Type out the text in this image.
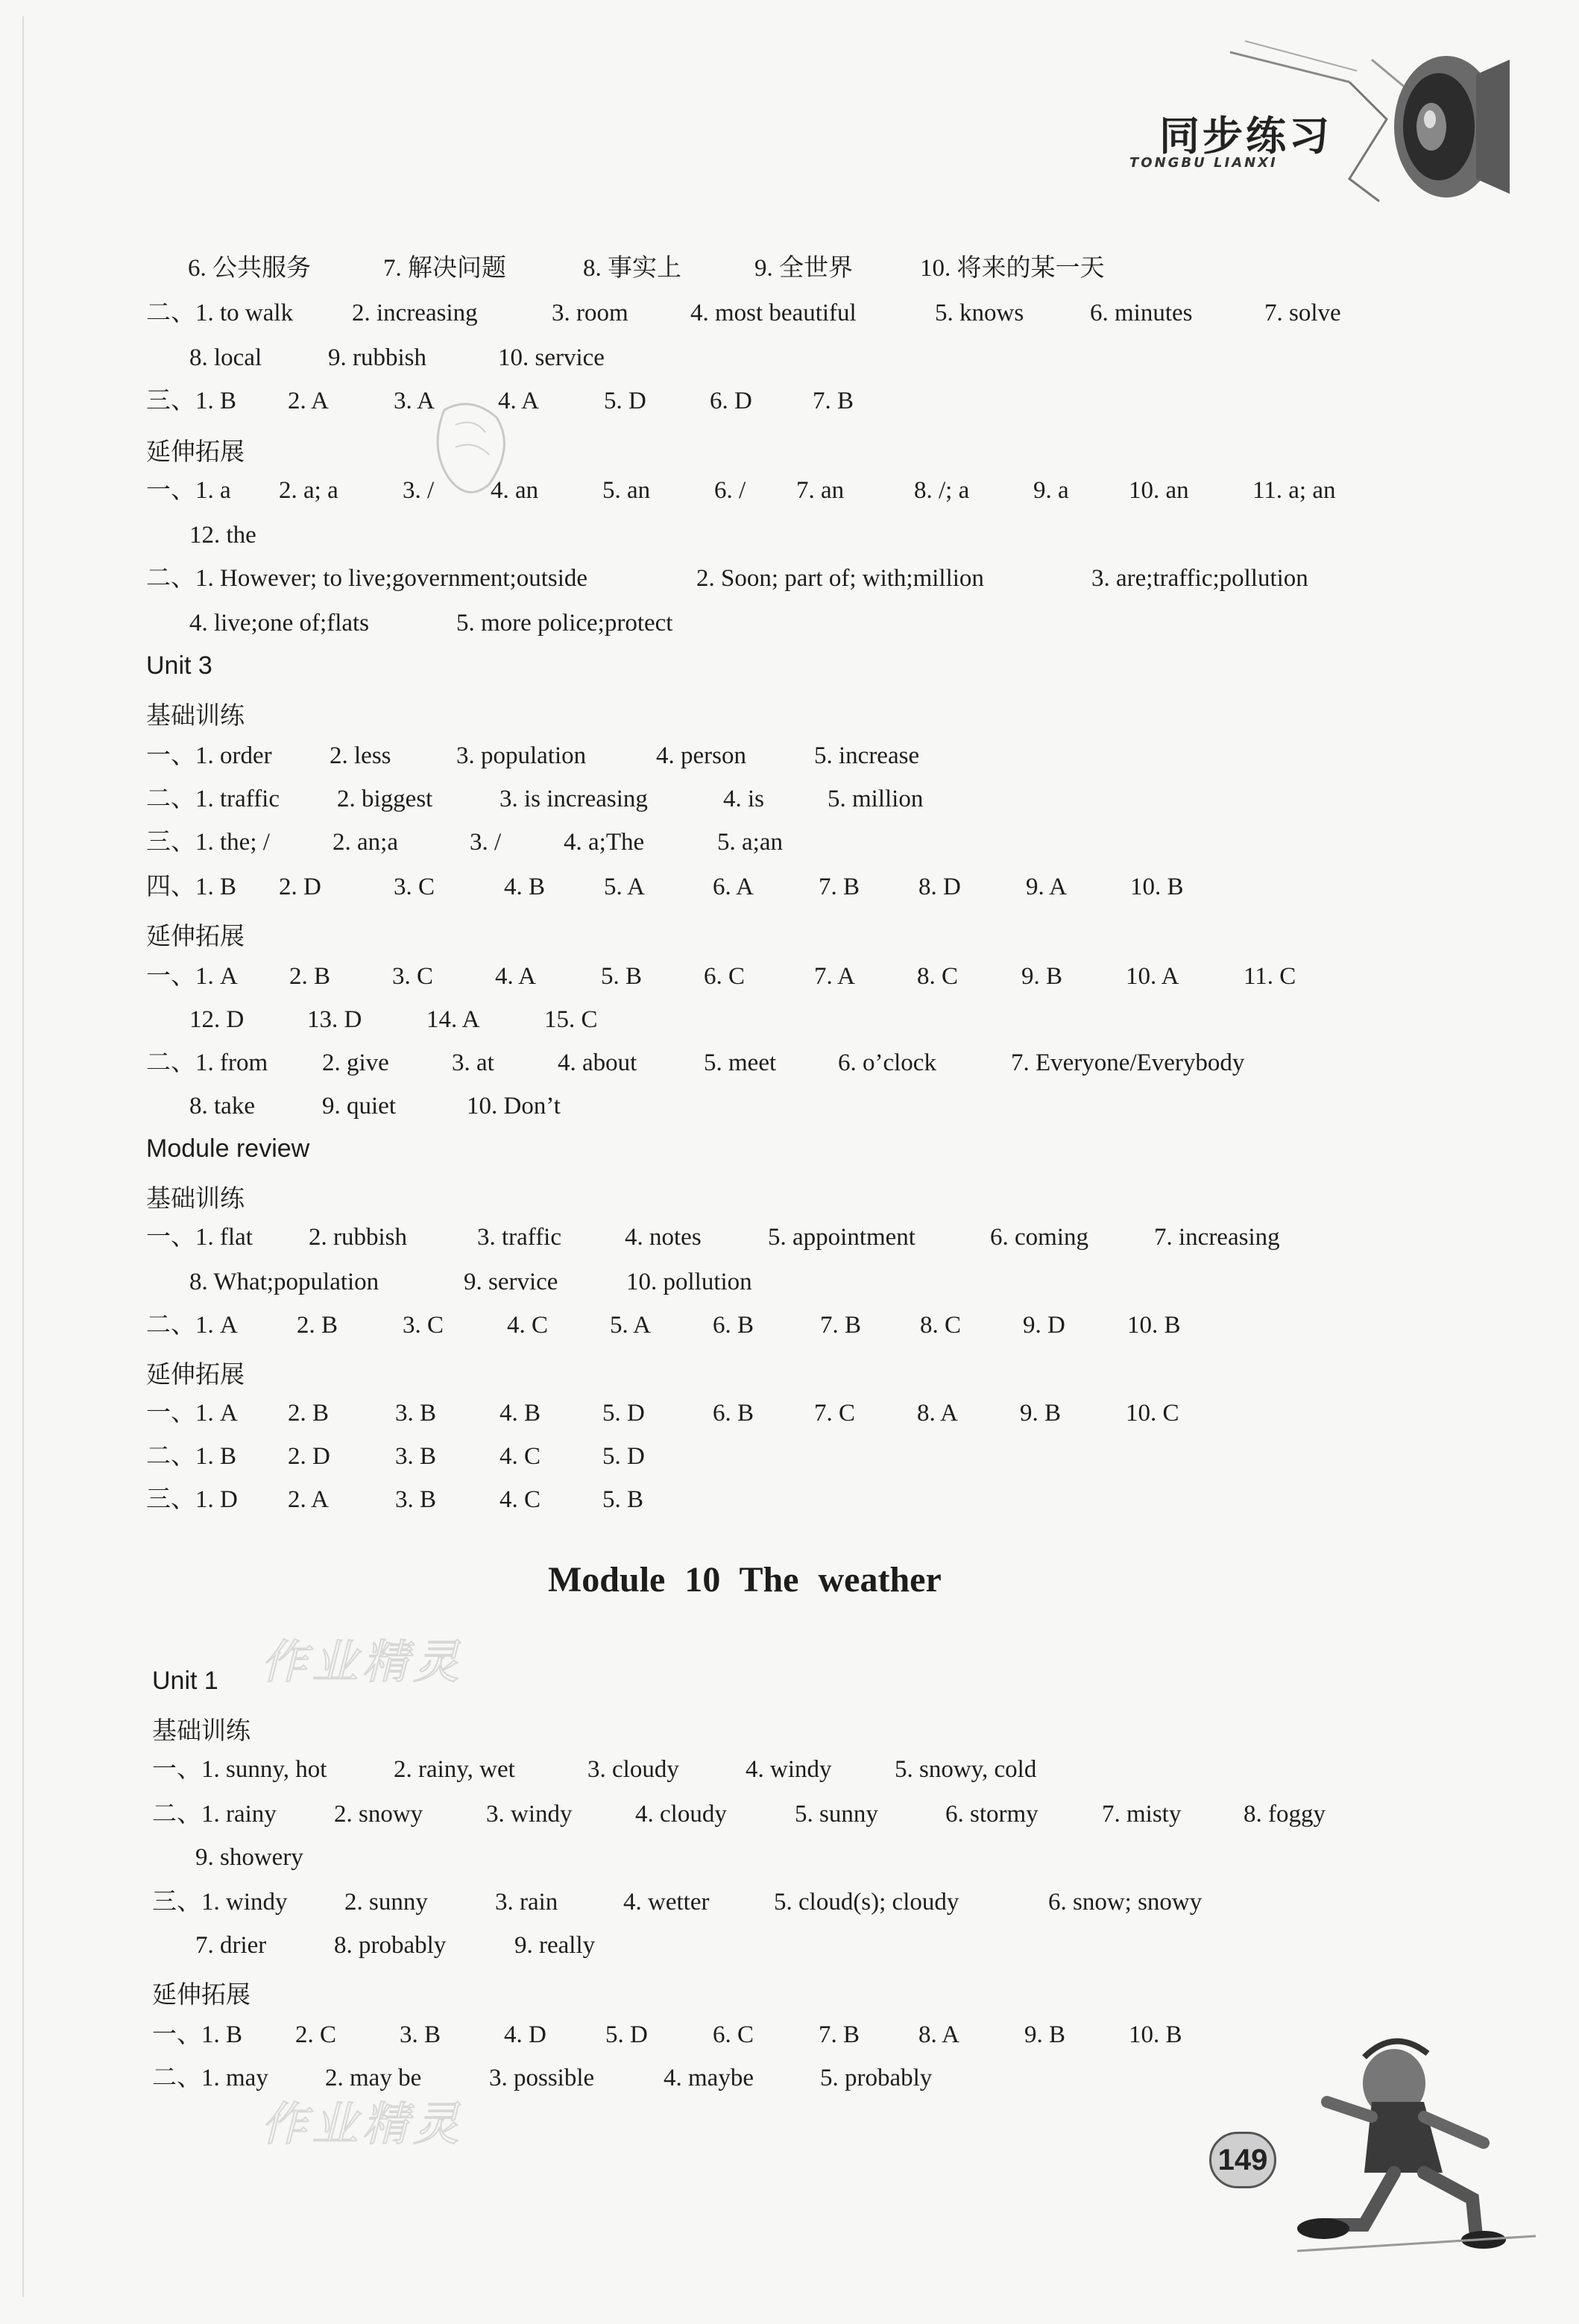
同步练习
TONGBU LIANXI
作业精灵
作业精灵
6. 公共服务	7. 解决问题	8. 事实上	9. 全世界	10. 将来的某一天
二、1. to walk 2. increasing	3. room	4. most beautiful	5. knows	6. minutes	7. solve
8. local	9. rubbish	10. service
三、1. B 2. A	3. A	4. A	5. D	6. D 7. B
延伸拓展
一、1. a 2. a; a	3. / 4. an	5. an	6. / 7. an	8. /; a	9. a 10. an	11. a; an
12. the
二、1. However; to live;government;outside	2. Soon; part of; with;million	3. are;traffic;pollution
4. live;one of;flats	5. more police;protect
Unit 3
基础训练
一、1. order 2. less	3. population	4. person	5. increase
二、1. traffic 2. biggest	3. is increasing	4. is	5. million
三、1. the; /	2. an;a	3. /	4. a;The	5. a;an
四、1. B 2. D	3. C	4. B 5. A	6. A	7. B 8. D	9. A	10. B
延伸拓展
一、1. A 2. B	3. C	4. A	5. B	6. C	7. A	8. C	9. B	10. A	11. C
12. D	13. D	14. A	15. C
二、1. from 2. give	3. at	4. about	5. meet	6. o’clock	7. Everyone/Everybody
8. take	9. quiet	10. Don’t
Module review
基础训练
一、1. flat 2. rubbish	3. traffic	4. notes	5. appointment	6. coming	7. increasing
8. What;population	9. service	10. pollution
二、1. A 2. B	3. C	4. C	5. A	6. B	7. B 8. C	9. D	10. B
延伸拓展
一、1. A 2. B	3. B	4. B	5. D	6. B 7. C	8. A	9. B	10. C
二、1. B 2. D	3. B	4. C	5. D
三、1. D 2. A	3. B	4. C	5. B
Module 10 The weather
Unit 1
基础训练
一、1. sunny, hot	2. rainy, wet	3. cloudy	4. windy	5. snowy, cold
二、1. rainy 2. snowy	3. windy	4. cloudy	5. sunny	6. stormy	7. misty	8. foggy
9. showery
三、1. windy 2. sunny	3. rain	4. wetter	5. cloud(s); cloudy	6. snow; snowy
7. drier	8. probably	9. really
延伸拓展
一、1. B 2. C	3. B	4. D 5. D	6. C	7. B 8. A	9. B	10. B
二、1. may 2. may be	3. possible	4. maybe	5. probably
149
